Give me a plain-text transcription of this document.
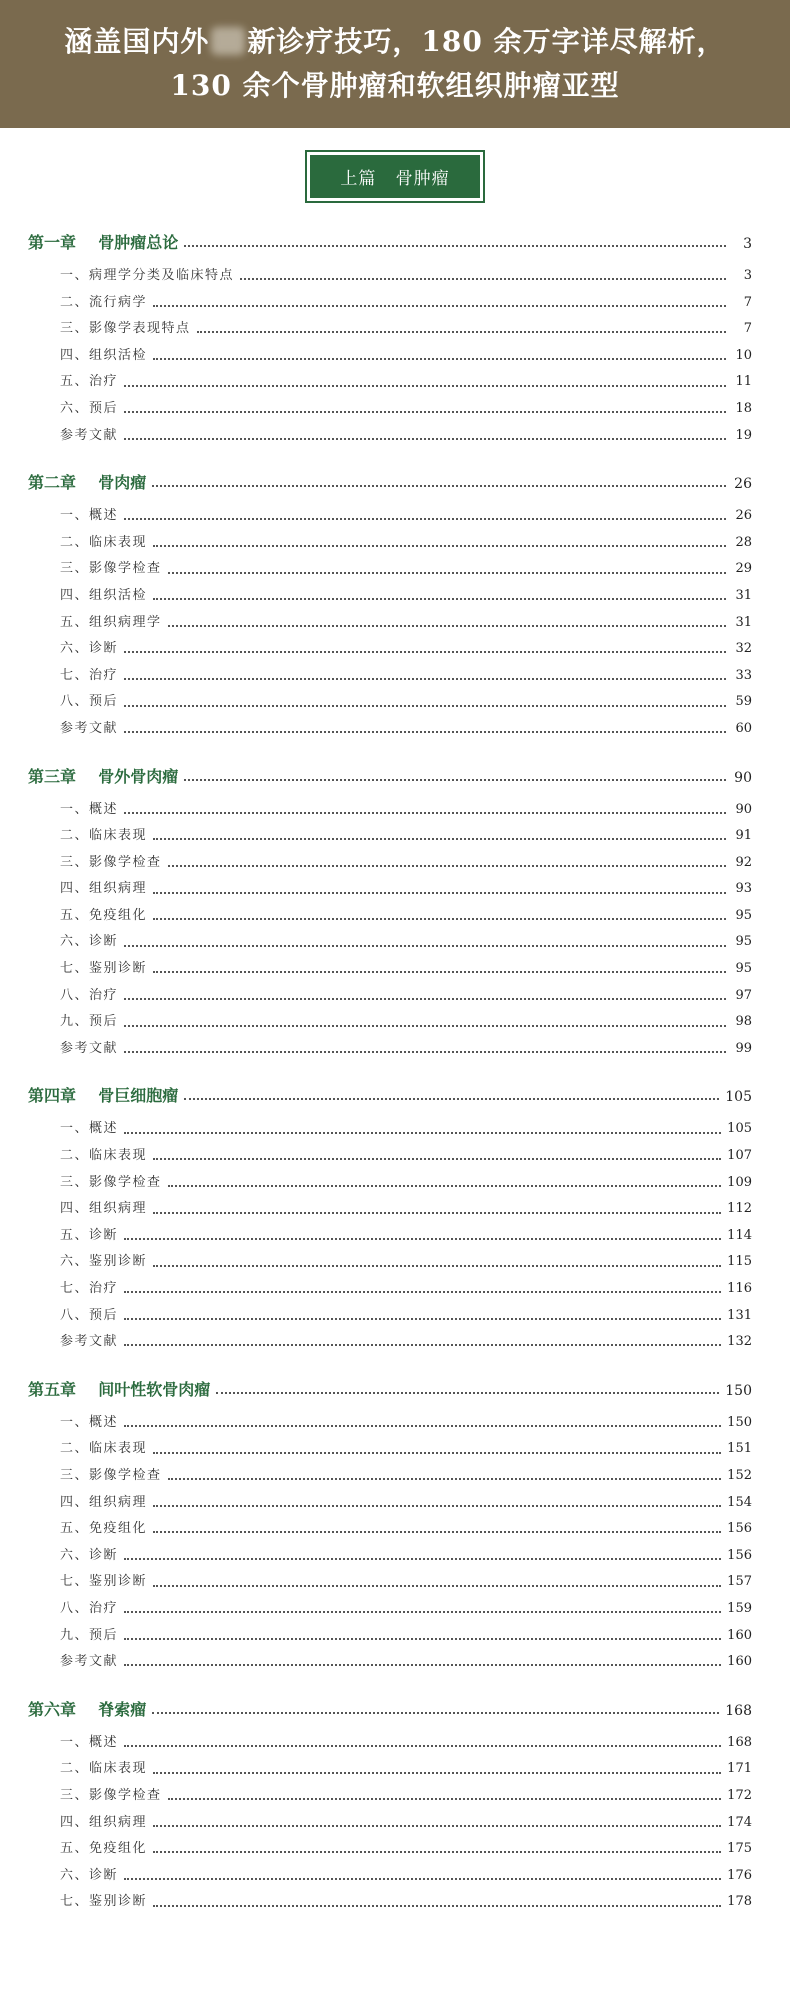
涵盖国内外 新诊疗技巧，180 余万字详尽解析，
130 余个骨肿瘤和软组织肿瘤亚型
上篇   骨肿瘤
第一章    骨肿瘤总论	3
一、病理学分类及临床特点	3
二、流行病学	7
三、影像学表现特点	7
四、组织活检	10
五、治疗	11
六、预后	18
参考文献	19
第二章    骨肉瘤	26
一、概述	26
二、临床表现	28
三、影像学检查	29
四、组织活检	31
五、组织病理学	31
六、诊断	32
七、治疗	33
八、预后	59
参考文献	60
第三章    骨外骨肉瘤	90
一、概述	90
二、临床表现	91
三、影像学检查	92
四、组织病理	93
五、免疫组化	95
六、诊断	95
七、鉴别诊断	95
八、治疗	97
九、预后	98
参考文献	99
第四章    骨巨细胞瘤	105
一、概述	105
二、临床表现	107
三、影像学检查	109
四、组织病理	112
五、诊断	114
六、鉴别诊断	115
七、治疗	116
八、预后	131
参考文献	132
第五章    间叶性软骨肉瘤	150
一、概述	150
二、临床表现	151
三、影像学检查	152
四、组织病理	154
五、免疫组化	156
六、诊断	156
七、鉴别诊断	157
八、治疗	159
九、预后	160
参考文献	160
第六章    脊索瘤	168
一、概述	168
二、临床表现	171
三、影像学检查	172
四、组织病理	174
五、免疫组化	175
六、诊断	176
七、鉴别诊断	178
